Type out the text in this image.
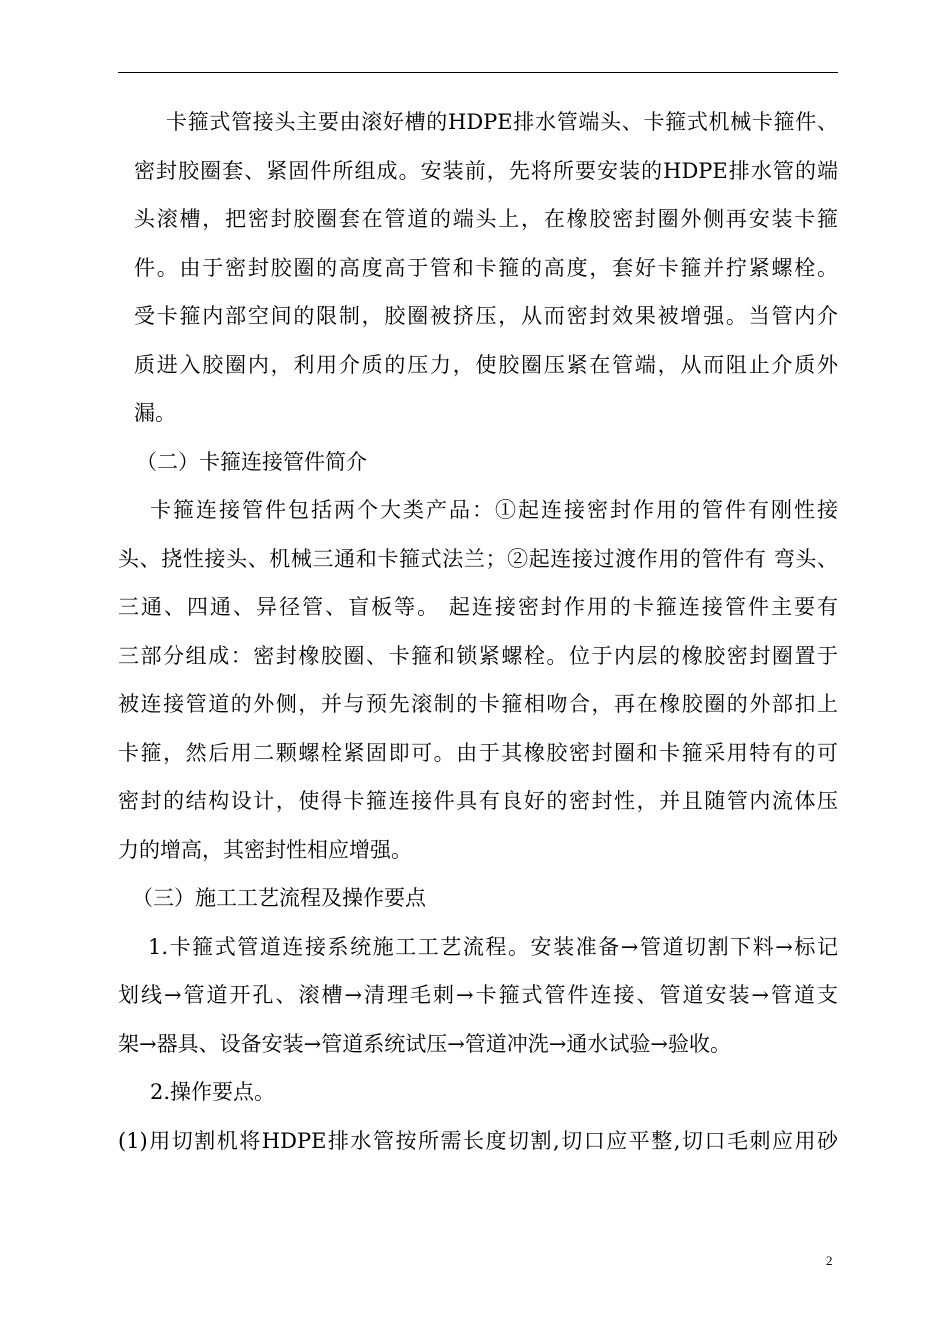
卡箍式管接头主要由滚好槽的HDPE排水管端头、卡箍式机械卡箍件、
密封胶圈套、紧固件所组成。安装前，先将所要安装的HDPE排水管的端
头滚槽，把密封胶圈套在管道的端头上，在橡胶密封圈外侧再安装卡箍
件。由于密封胶圈的高度高于管和卡箍的高度，套好卡箍并拧紧螺栓。
受卡箍内部空间的限制，胶圈被挤压，从而密封效果被增强。当管内介
质进入胶圈内，利用介质的压力，使胶圈压紧在管端，从而阻止介质外
漏。
（二）卡箍连接管件简介
卡箍连接管件包括两个大类产品：①起连接密封作用的管件有刚性接
头、挠性接头、机械三通和卡箍式法兰；②起连接过渡作用的管件有 弯头、
三通、四通、异径管、盲板等。 起连接密封作用的卡箍连接管件主要有
三部分组成：密封橡胶圈、卡箍和锁紧螺栓。位于内层的橡胶密封圈置于
被连接管道的外侧，并与预先滚制的卡箍相吻合，再在橡胶圈的外部扣上
卡箍，然后用二颗螺栓紧固即可。由于其橡胶密封圈和卡箍采用特有的可
密封的结构设计，使得卡箍连接件具有良好的密封性，并且随管内流体压
力的增高，其密封性相应增强。
（三）施工工艺流程及操作要点
1.卡箍式管道连接系统施工工艺流程。安装准备→管道切割下料→标记
划线→管道开孔、滚槽→清理毛刺→卡箍式管件连接、管道安装→管道支
架→器具、设备安装→管道系统试压→管道冲洗→通水试验→验收。
2.操作要点。
(1)用切割机将HDPE排水管按所需长度切割,切口应平整,切口毛刺应用砂
2
